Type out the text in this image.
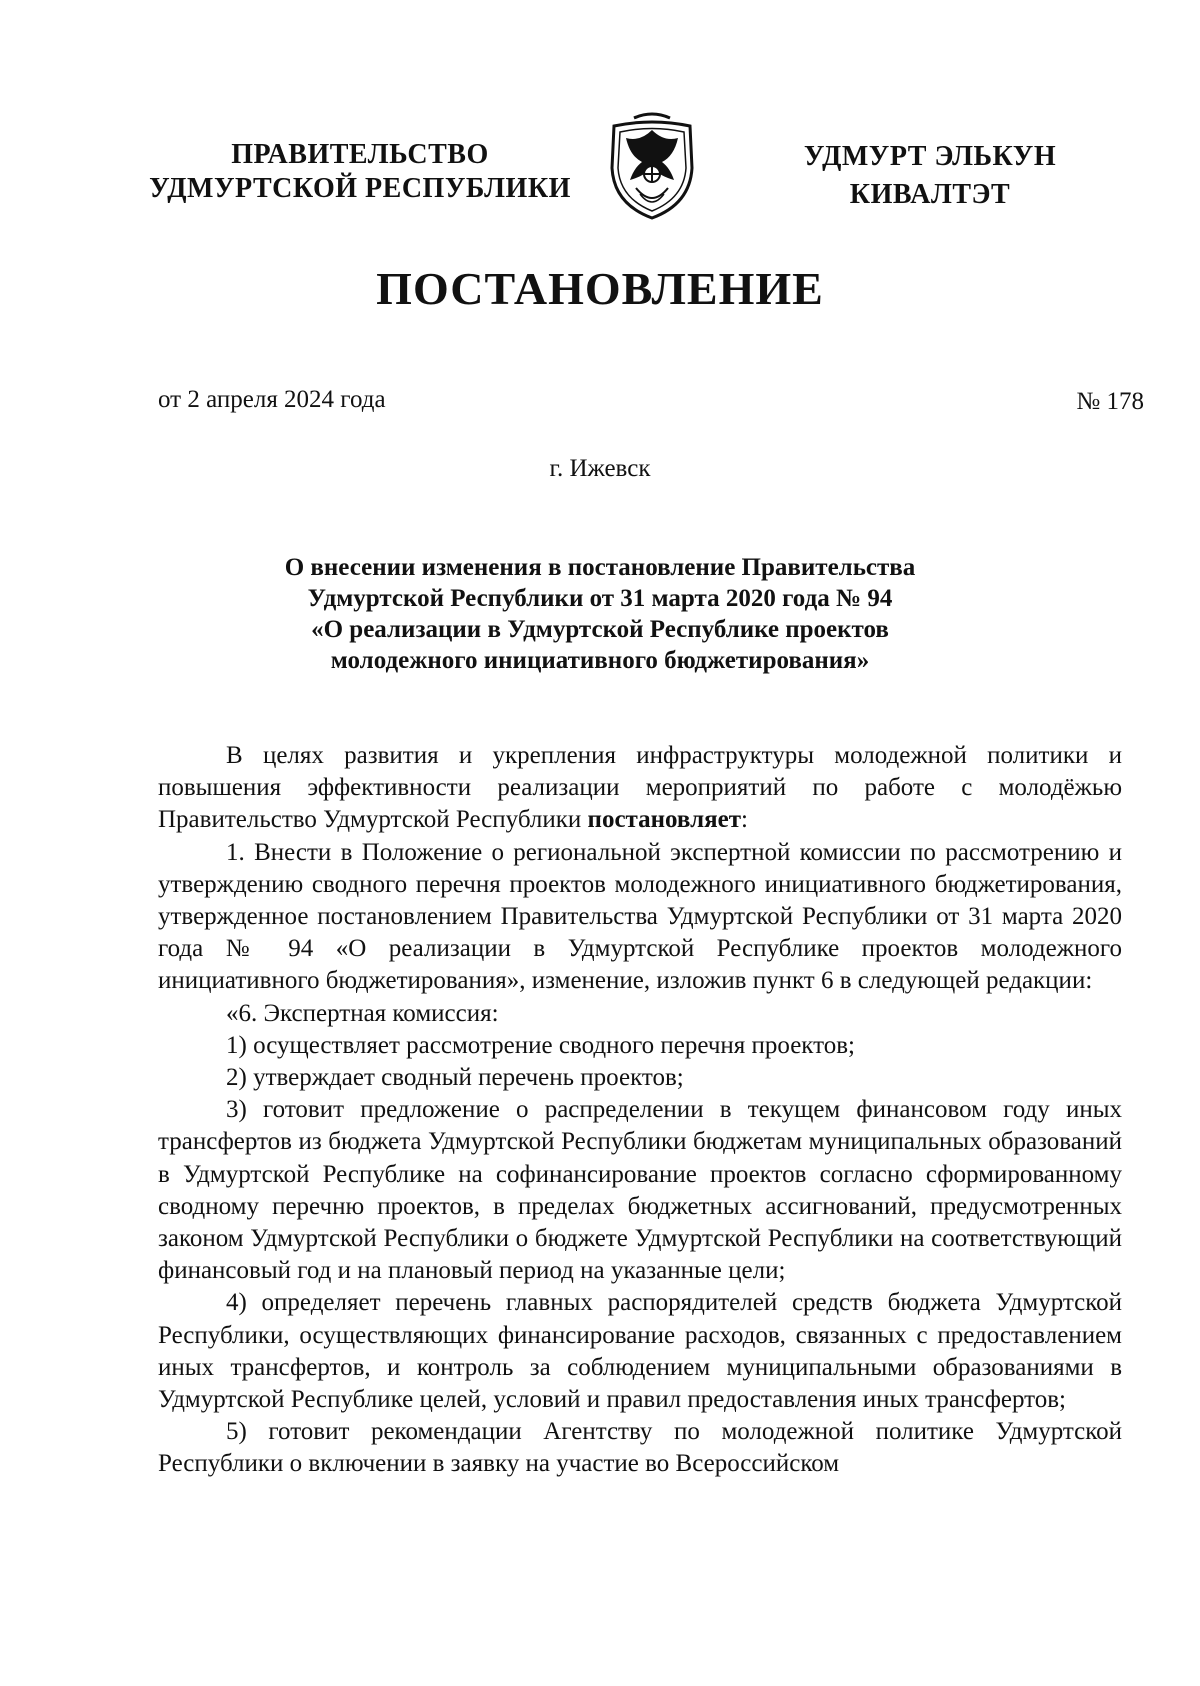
ПРАВИТЕЛЬСТВО
УДМУРТСКОЙ РЕСПУБЛИКИ
УДМУРТ ЭЛЬКУН
КИВАЛТЭТ
ПОСТАНОВЛЕНИЕ
от 2 апреля 2024 года	№ 178
г. Ижевск
О внесении изменения в постановление Правительства
Удмуртской Республики от 31 марта 2020 года № 94
«О реализации в Удмуртской Республике проектов
молодежного инициативного бюджетирования»

В целях развития и укрепления инфраструктуры молодежной политики и повышения эффективности реализации мероприятий по работе с молодёжью Правительство Удмуртской Республики постановляет:

1. Внести в Положение о региональной экспертной комиссии по рассмотрению и утверждению сводного перечня проектов молодежного инициативного бюджетирования, утвержденное постановлением Правительства Удмуртской Республики от 31 марта 2020 года № 94 «О реализации в Удмуртской Республике проектов молодежного инициативного бюджетирования», изменение, изложив пункт 6 в следующей редакции:

«6. Экспертная комиссия:

1) осуществляет рассмотрение сводного перечня проектов;

2) утверждает сводный перечень проектов;

3) готовит предложение о распределении в текущем финансовом году иных трансфертов из бюджета Удмуртской Республики бюджетам муниципальных образований в Удмуртской Республике на софинансирование проектов согласно сформированному сводному перечню проектов, в пределах бюджетных ассигнований, предусмотренных законом Удмуртской Республики о бюджете Удмуртской Республики на соответствующий финансовый год и на плановый период на указанные цели;

4) определяет перечень главных распорядителей средств бюджета Удмуртской Республики, осуществляющих финансирование расходов, связанных с предоставлением иных трансфертов, и контроль за соблюдением муниципальными образованиями в Удмуртской Республике целей, условий и правил предоставления иных трансфертов;

5) готовит рекомендации Агентству по молодежной политике Удмуртской Республики о включении в заявку на участие во Всероссийском
